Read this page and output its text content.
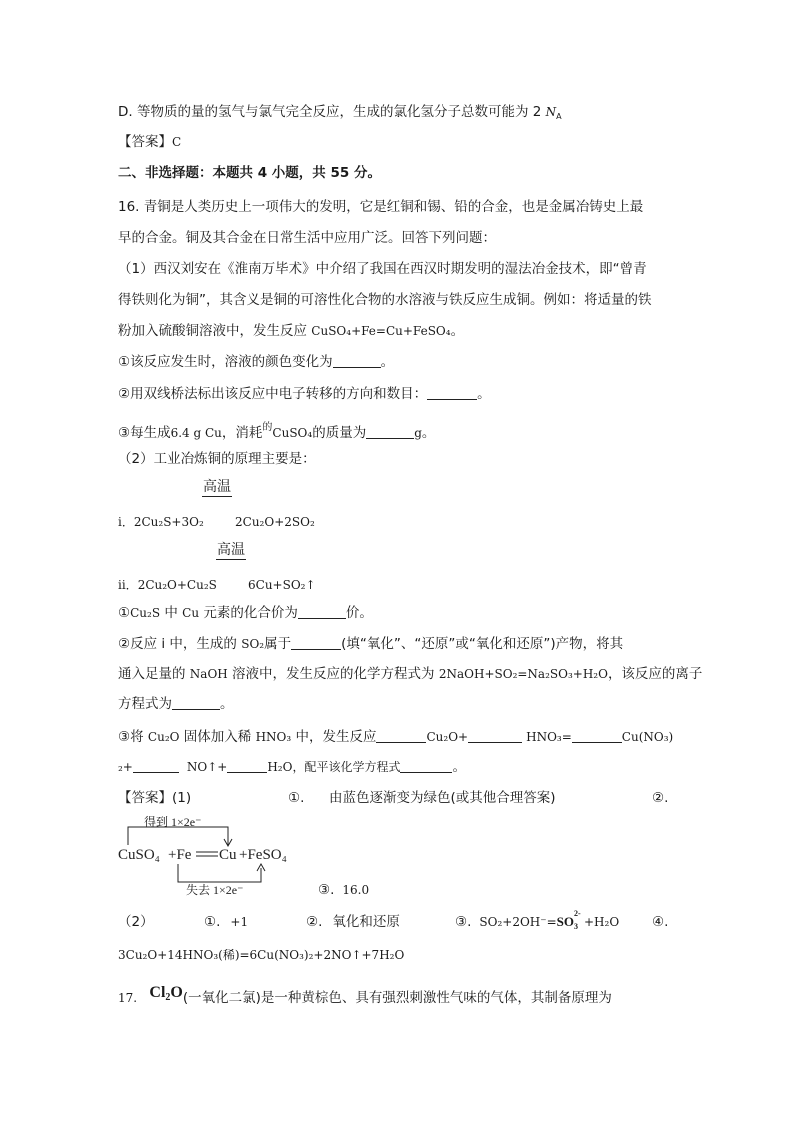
D. 等物质的量的氢气与氯气完全反应，生成的氯化氢分子总数可能为 2 $N_A$
【答案】C
二、非选择题：本题共 4 小题，共 55 分。
16. 青铜是人类历史上一项伟大的发明，它是红铜和锡、铅的合金，也是金属冶铸史上最
早的合金。铜及其合金在日常生活中应用广泛。回答下列问题：
（1）西汉刘安在《淮南万毕术》中介绍了我国在西汉时期发明的湿法冶金技术，即“曾青
得铁则化为铜”，其含义是铜的可溶性化合物的水溶液与铁反应生成铜。例如：将适量的铁
粉加入硫酸铜溶液中，发生反应 CuSO₄+Fe=Cu+FeSO₄。
①该反应发生时，溶液的颜色变化为	。
②用双线桥法标出该反应中电子转移的方向和数目：	。
③每生成6.4 g Cu，消耗$^的$CuSO₄的质量为	g。
（2）工业冶炼铜的原理主要是：
高温
i．2Cu₂S+3O₂	2Cu₂O+2SO₂
高温
ii．2Cu₂O+Cu₂S	6Cu+SO₂↑
①Cu₂S 中 Cu 元素的化合价为	价。
②反应 i 中，生成的 SO₂属于	(填“氧化”、“还原”或“氧化和还原”)产物，将其
通入足量的 NaOH 溶液中，发生反应的化学方程式为 2NaOH+SO₂=Na₂SO₃+H₂O，该反应的离子
方程式为	。
③将 Cu₂O 固体加入稀 HNO₃ 中，发生反应	Cu₂O+	HNO₃=	Cu(NO₃)
₂+	NO↑+	H₂O，配平该化学方程式	。
【答案】(1)	①. 由蓝色逐渐变为绿色(或其他合理答案)	②.
得到 1×2e⁻
CuSO₄ +Fe Cu +FeSO₄
失去 1×2e⁻	③. 16.0
（2）	①. +1	②. 氧化和还原	③. SO₂+2OH⁻=SO
2-
3 +H₂O ④.
3Cu₂O+14HNO₃(稀)=6Cu(NO₃)₂+2NO↑+7H₂O
17. $Cl_2O$(一氧化二氯)是一种黄棕色、具有强烈刺激性气味的气体，其制备原理为
